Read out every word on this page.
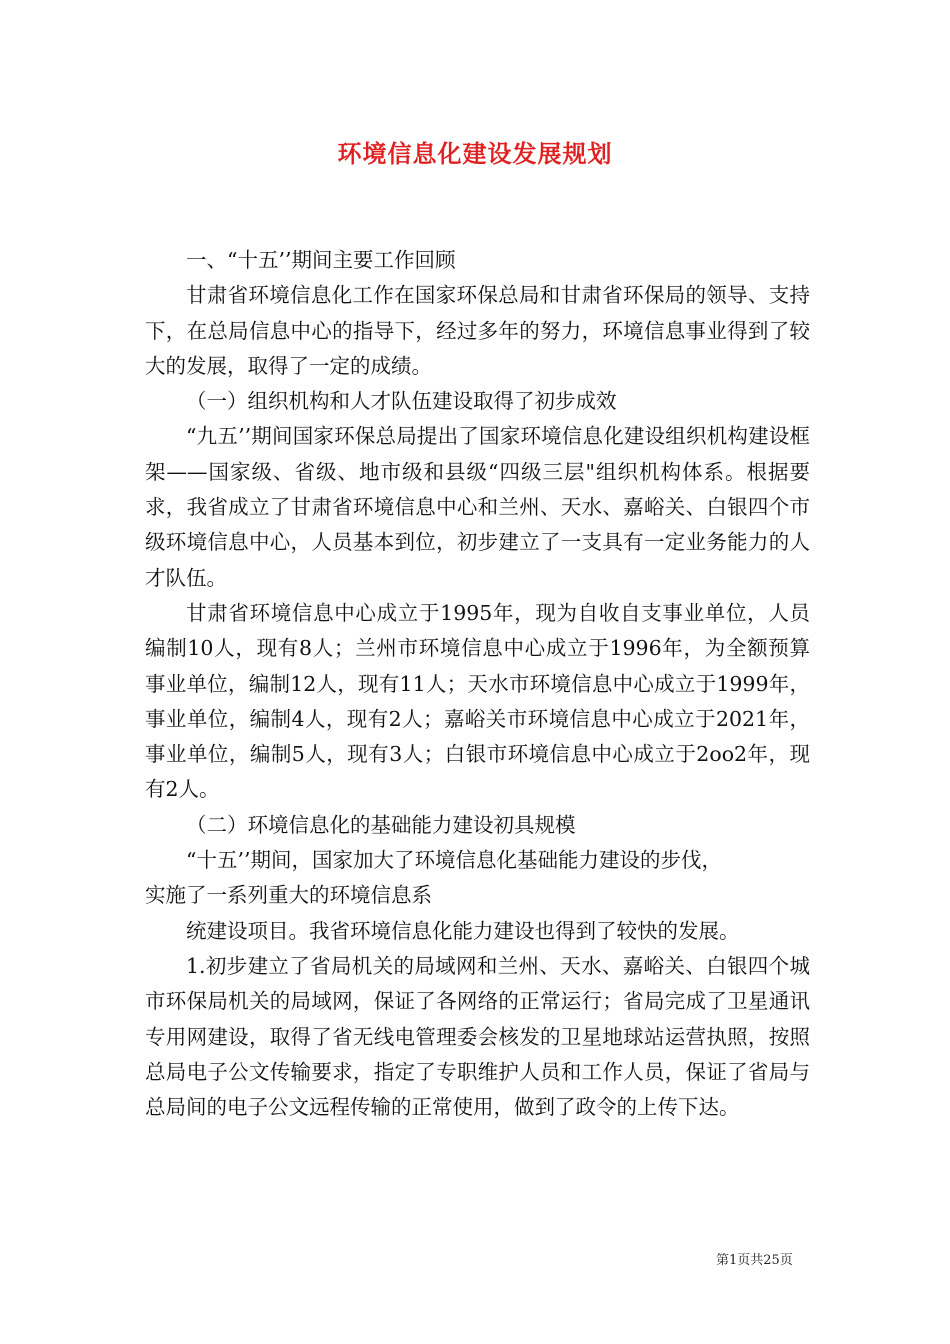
环境信息化建设发展规划

一、“十五’’期间主要工作回顾

甘肃省环境信息化工作在国家环保总局和甘肃省环保局的领导、支持下，在总局信息中心的指导下，经过多年的努力，环境信息事业得到了较大的发展，取得了一定的成绩。

（一）组织机构和人才队伍建设取得了初步成效

“九五’’期间国家环保总局提出了国家环境信息化建设组织机构建设框架——国家级、省级、地市级和县级“四级三层"组织机构体系。根据要求，我省成立了甘肃省环境信息中心和兰州、天水、嘉峪关、白银四个市级环境信息中心，人员基本到位，初步建立了一支具有一定业务能力的人才队伍。

甘肃省环境信息中心成立于1995年，现为自收自支事业单位，人员编制10人，现有8人；兰州市环境信息中心成立于1996年，为全额预算事业单位，编制12人，现有11人；天水市环境信息中心成立于1999年，事业单位，编制4人，现有2人；嘉峪关市环境信息中心成立于2021年，事业单位，编制5人，现有3人；白银市环境信息中心成立于2oo2年，现有2人。

（二）环境信息化的基础能力建设初具规模

“十五’’期间，国家加大了环境信息化基础能力建设的步伐，

实施了一系列重大的环境信息系

统建设项目。我省环境信息化能力建设也得到了较快的发展。

1.初步建立了省局机关的局域网和兰州、天水、嘉峪关、白银四个城市环保局机关的局域网，保证了各网络的正常运行；省局完成了卫星通讯专用网建设，取得了省无线电管理委会核发的卫星地球站运营执照，按照总局电子公文传输要求，指定了专职维护人员和工作人员，保证了省局与总局间的电子公文远程传输的正常使用，做到了政令的上传下达。

第1页共25页
